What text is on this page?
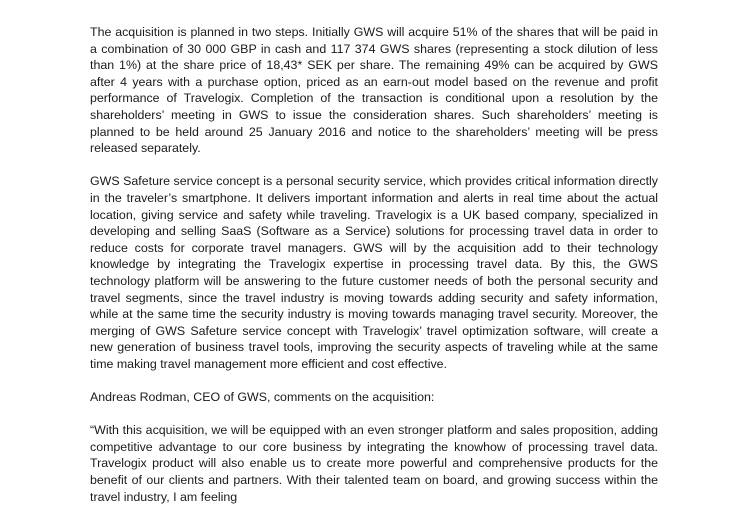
The acquisition is planned in two steps. Initially GWS will acquire 51% of the shares that will be paid in a combination of 30 000 GBP in cash and 117 374 GWS shares (representing a stock dilution of less than 1%) at the share price of 18,43* SEK per share. The remaining 49% can be acquired by GWS after 4 years with a purchase option, priced as an earn-out model based on the revenue and profit performance of Travelogix. Completion of the transaction is conditional upon a resolution by the shareholders’ meeting in GWS to issue the consideration shares. Such shareholders’ meeting is planned to be held around 25 January 2016 and notice to the shareholders’ meeting will be press released separately.

GWS Safeture service concept is a personal security service, which provides critical information directly in the traveler’s smartphone. It delivers important information and alerts in real time about the actual location, giving service and safety while traveling. Travelogix is a UK based company, specialized in developing and selling SaaS (Software as a Service) solutions for processing travel data in order to reduce costs for corporate travel managers. GWS will by the acquisition add to their technology knowledge by integrating the Travelogix expertise in processing travel data. By this, the GWS technology platform will be answering to the future customer needs of both the personal security and travel segments, since the travel industry is moving towards adding security and safety information, while at the same time the security industry is moving towards managing travel security. Moreover, the merging of GWS Safeture service concept with Travelogix’ travel optimization software, will create a new generation of business travel tools, improving the security aspects of traveling while at the same time making travel management more efficient and cost effective.

Andreas Rodman, CEO of GWS, comments on the acquisition:

“With this acquisition, we will be equipped with an even stronger platform and sales proposition, adding competitive advantage to our core business by integrating the knowhow of processing travel data. Travelogix product will also enable us to create more powerful and comprehensive products for the benefit of our clients and partners. With their talented team on board, and growing success within the travel industry, I am feeling
